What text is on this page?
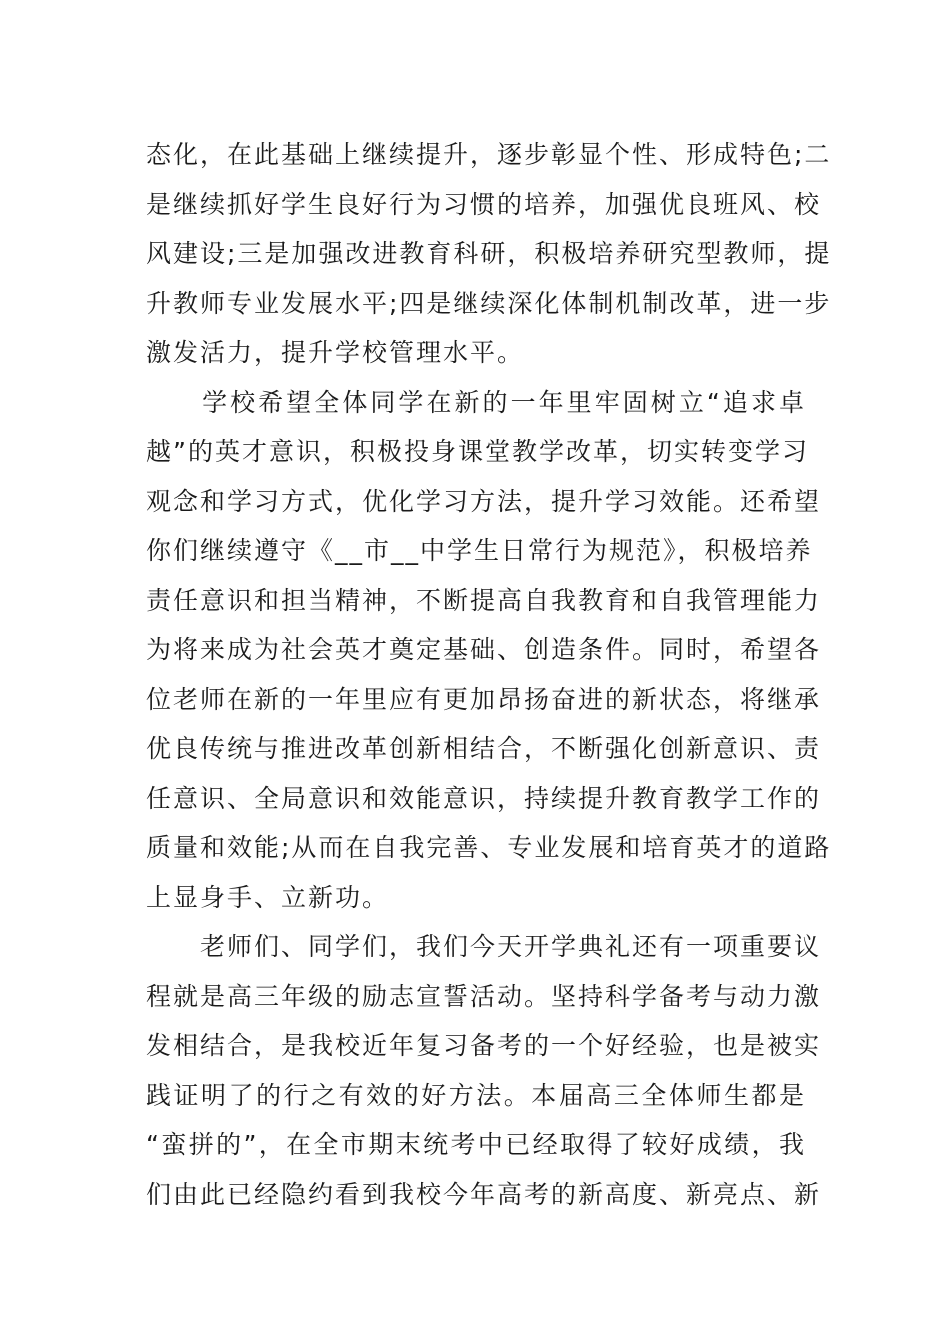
态化，在此基础上继续提升，逐步彰显个性、形成特色;二
是继续抓好学生良好行为习惯的培养，加强优良班风、校
风建设;三是加强改进教育科研，积极培养研究型教师，提
升教师专业发展水平;四是继续深化体制机制改革，进一步
激发活力，提升学校管理水平。
　　学校希望全体同学在新的一年里牢固树立“追求卓
越”的英才意识，积极投身课堂教学改革，切实转变学习
观念和学习方式，优化学习方法，提升学习效能。还希望
你们继续遵守《__市__中学生日常行为规范》，积极培养
责任意识和担当精神，不断提高自我教育和自我管理能力
为将来成为社会英才奠定基础、创造条件。同时，希望各
位老师在新的一年里应有更加昂扬奋进的新状态，将继承
优良传统与推进改革创新相结合，不断强化创新意识、责
任意识、全局意识和效能意识，持续提升教育教学工作的
质量和效能;从而在自我完善、专业发展和培育英才的道路
上显身手、立新功。
　　老师们、同学们，我们今天开学典礼还有一项重要议
程就是高三年级的励志宣誓活动。坚持科学备考与动力激
发相结合，是我校近年复习备考的一个好经验，也是被实
践证明了的行之有效的好方法。本届高三全体师生都是
“蛮拼的”，在全市期末统考中已经取得了较好成绩，我
们由此已经隐约看到我校今年高考的新高度、新亮点、新
